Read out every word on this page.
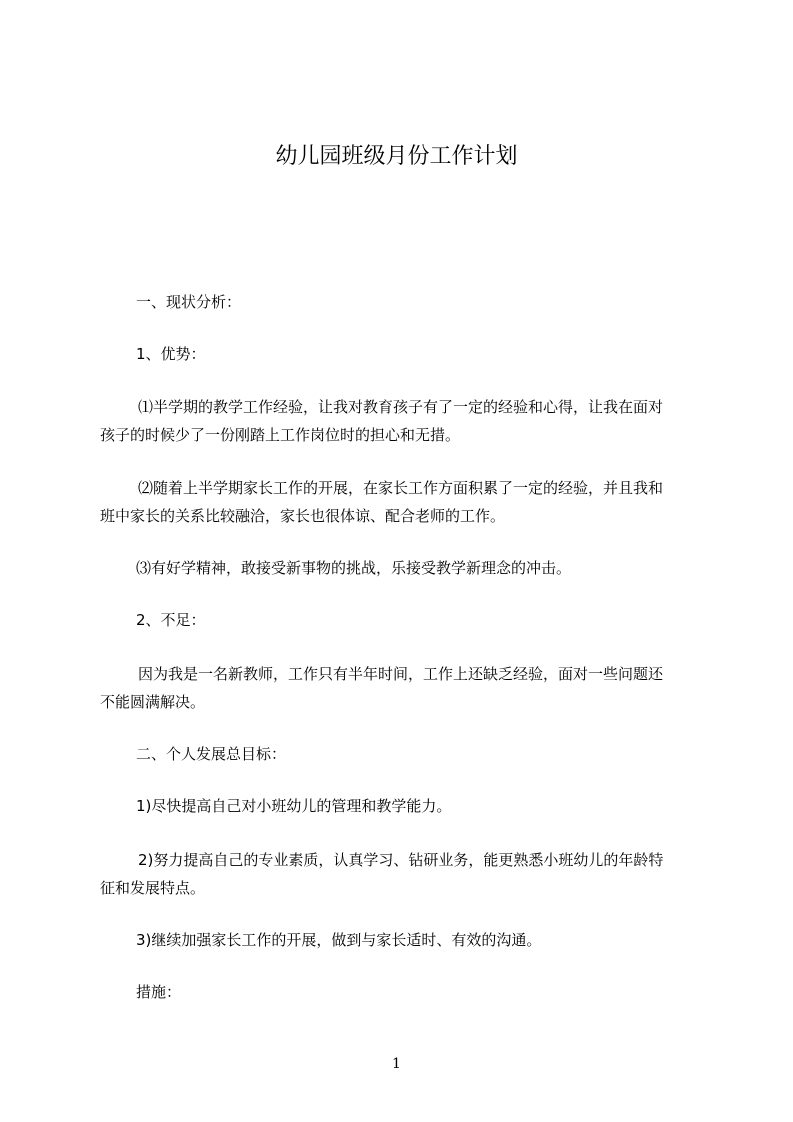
幼儿园班级月份工作计划
一、现状分析：
1、优势：
⑴半学期的教学工作经验，让我对教育孩子有了一定的经验和心得，让我在面对
孩子的时候少了一份刚踏上工作岗位时的担心和无措。
⑵随着上半学期家长工作的开展，在家长工作方面积累了一定的经验，并且我和
班中家长的关系比较融洽，家长也很体谅、配合老师的工作。
⑶有好学精神，敢接受新事物的挑战，乐接受教学新理念的冲击。
2、不足：
因为我是一名新教师，工作只有半年时间，工作上还缺乏经验，面对一些问题还
不能圆满解决。
二、个人发展总目标：
1)尽快提高自己对小班幼儿的管理和教学能力。
2)努力提高自己的专业素质，认真学习、钻研业务，能更熟悉小班幼儿的年龄特
征和发展特点。
3)继续加强家长工作的开展，做到与家长适时、有效的沟通。
措施：
1
